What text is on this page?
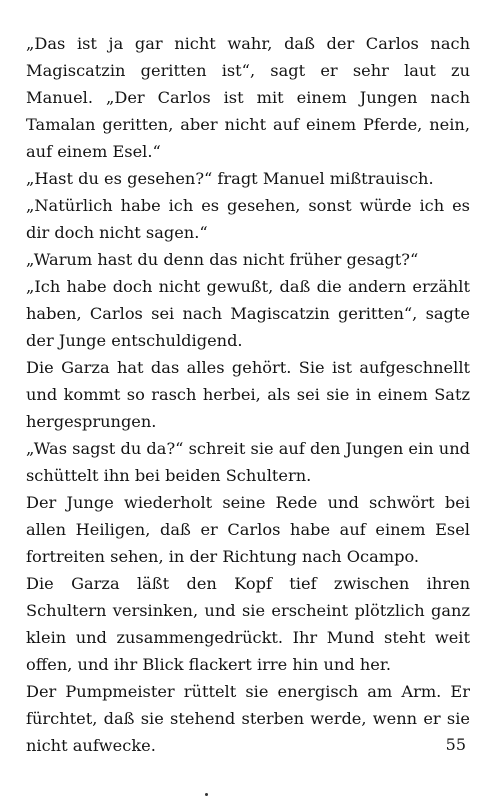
„Das ist ja gar nicht wahr, daß der Carlos nach Magiscatzin geritten ist“, sagt er sehr laut zu Manuel. „Der Carlos ist mit einem Jungen nach Tamalan geritten, aber nicht auf einem Pferde, nein, auf einem Esel.“

„Hast du es gesehen?“ fragt Manuel mißtrauisch.

„Natürlich habe ich es gesehen, sonst würde ich es dir doch nicht sagen.“

„Warum hast du denn das nicht früher gesagt?“

„Ich habe doch nicht gewußt, daß die andern erzählt haben, Carlos sei nach Magiscatzin geritten“, sagte der Junge entschuldigend.

Die Garza hat das alles gehört. Sie ist aufgeschnellt und kommt so rasch herbei, als sei sie in einem Satz hergesprungen.

„Was sagst du da?“ schreit sie auf den Jungen ein und schüttelt ihn bei beiden Schultern.

Der Junge wiederholt seine Rede und schwört bei allen Heiligen, daß er Carlos habe auf einem Esel fortreiten sehen, in der Richtung nach Ocampo.

Die Garza läßt den Kopf tief zwischen ihren Schultern versinken, und sie erscheint plötzlich ganz klein und zusammengedrückt. Ihr Mund steht weit offen, und ihr Blick flackert irre hin und her.

Der Pumpmeister rüttelt sie energisch am Arm. Er fürchtet, daß sie stehend sterben werde, wenn er sie nicht aufwecke.	55
